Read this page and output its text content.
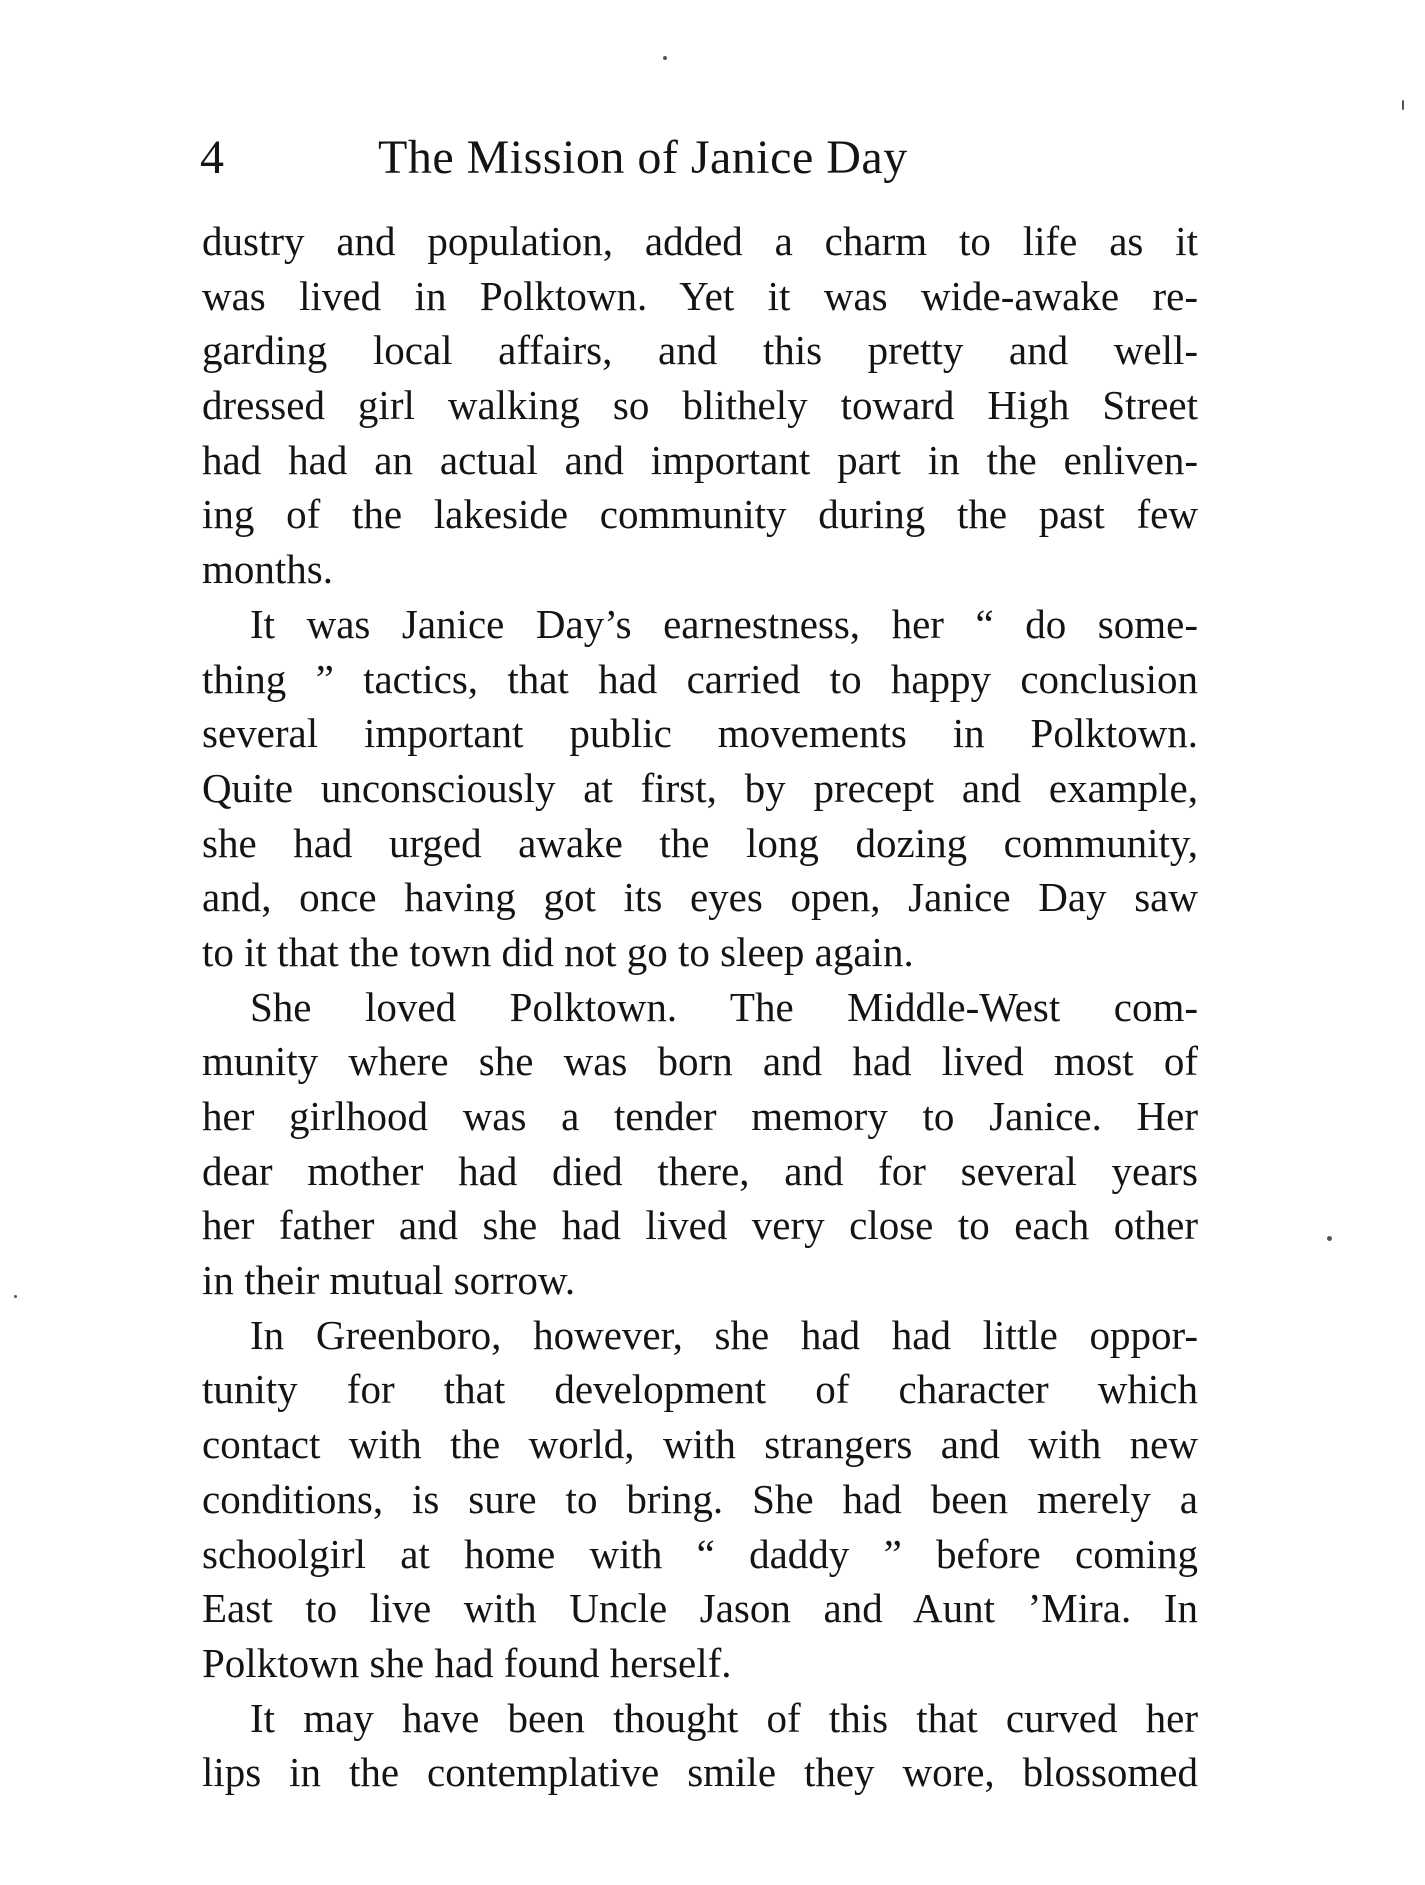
4	The Mission of Janice Day
dustry and population, added a charm to life as it
was lived in Polktown. Yet it was wide-awake re-
garding local affairs, and this pretty and well-
dressed girl walking so blithely toward High Street
had had an actual and important part in the enliven-
ing of the lakeside community during the past few
months.
It was Janice Day’s earnestness, her “ do some-
thing ” tactics, that had carried to happy conclusion
several important public movements in Polktown.
Quite unconsciously at first, by precept and example,
she had urged awake the long dozing community,
and, once having got its eyes open, Janice Day saw
to it that the town did not go to sleep again.
She loved Polktown. The Middle-West com-
munity where she was born and had lived most of
her girlhood was a tender memory to Janice. Her
dear mother had died there, and for several years
her father and she had lived very close to each other
in their mutual sorrow.
In Greenboro, however, she had had little oppor-
tunity for that development of character which
contact with the world, with strangers and with new
conditions, is sure to bring. She had been merely a
schoolgirl at home with “ daddy ” before coming
East to live with Uncle Jason and Aunt ’Mira. In
Polktown she had found herself.
It may have been thought of this that curved her
lips in the contemplative smile they wore, blossomed
